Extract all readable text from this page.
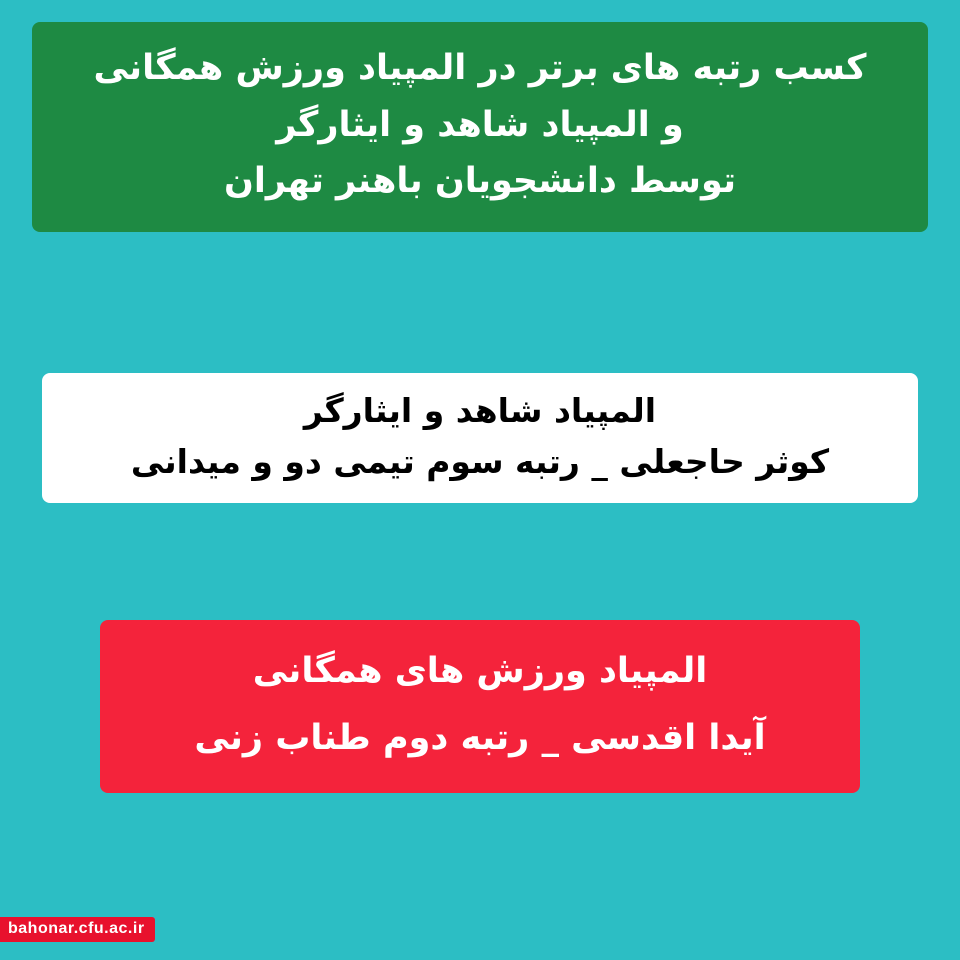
کسب رتبه های برتر در المپیاد ورزش همگانی
و المپیاد شاهد و ایثارگر
توسط دانشجویان باهنر تهران
المپیاد شاهد و ایثارگر
کوثر حاجعلی _ رتبه سوم تیمی دو و میدانی
المپیاد ورزش های همگانی
آیدا اقدسی _ رتبه دوم طناب زنی
bahonar.cfu.ac.ir
